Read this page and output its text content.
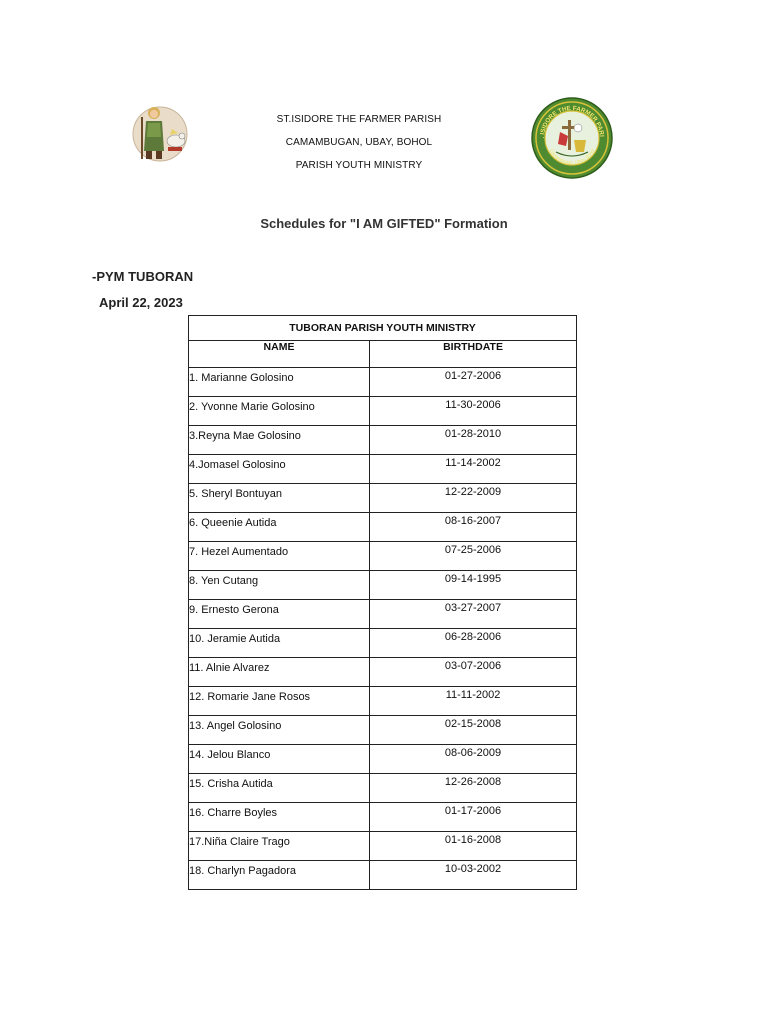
. ISIDORE THE FARMER PARI
Camambugan, Ubay, Bohol
ST.ISIDORE THE FARMER PARISH
CAMAMBUGAN, UBAY, BOHOL
PARISH YOUTH MINISTRY
Schedules for "I AM GIFTED" Formation
-PYM TUBORAN
April 22, 2023
TUBORAN PARISH YOUTH MINISTRY	
NAME	BIRTHDATE
1. Marianne Golosino	01-27-2006
2. Yvonne Marie Golosino	11-30-2006
3.Reyna Mae Golosino	01-28-2010
4.Jomasel Golosino	11-14-2002
5. Sheryl Bontuyan	12-22-2009
6. Queenie Autida	08-16-2007
7. Hezel Aumentado	07-25-2006
8. Yen Cutang	09-14-1995
9. Ernesto Gerona	03-27-2007
10. Jeramie Autida	06-28-2006
11. Alnie Alvarez	03-07-2006
12. Romarie Jane Rosos	11-11-2002
13. Angel Golosino	02-15-2008
14. Jelou Blanco	08-06-2009
15. Crisha Autida	12-26-2008
16. Charre Boyles	01-17-2006
17.Niña Claire Trago	01-16-2008
18. Charlyn Pagadora	10-03-2002
